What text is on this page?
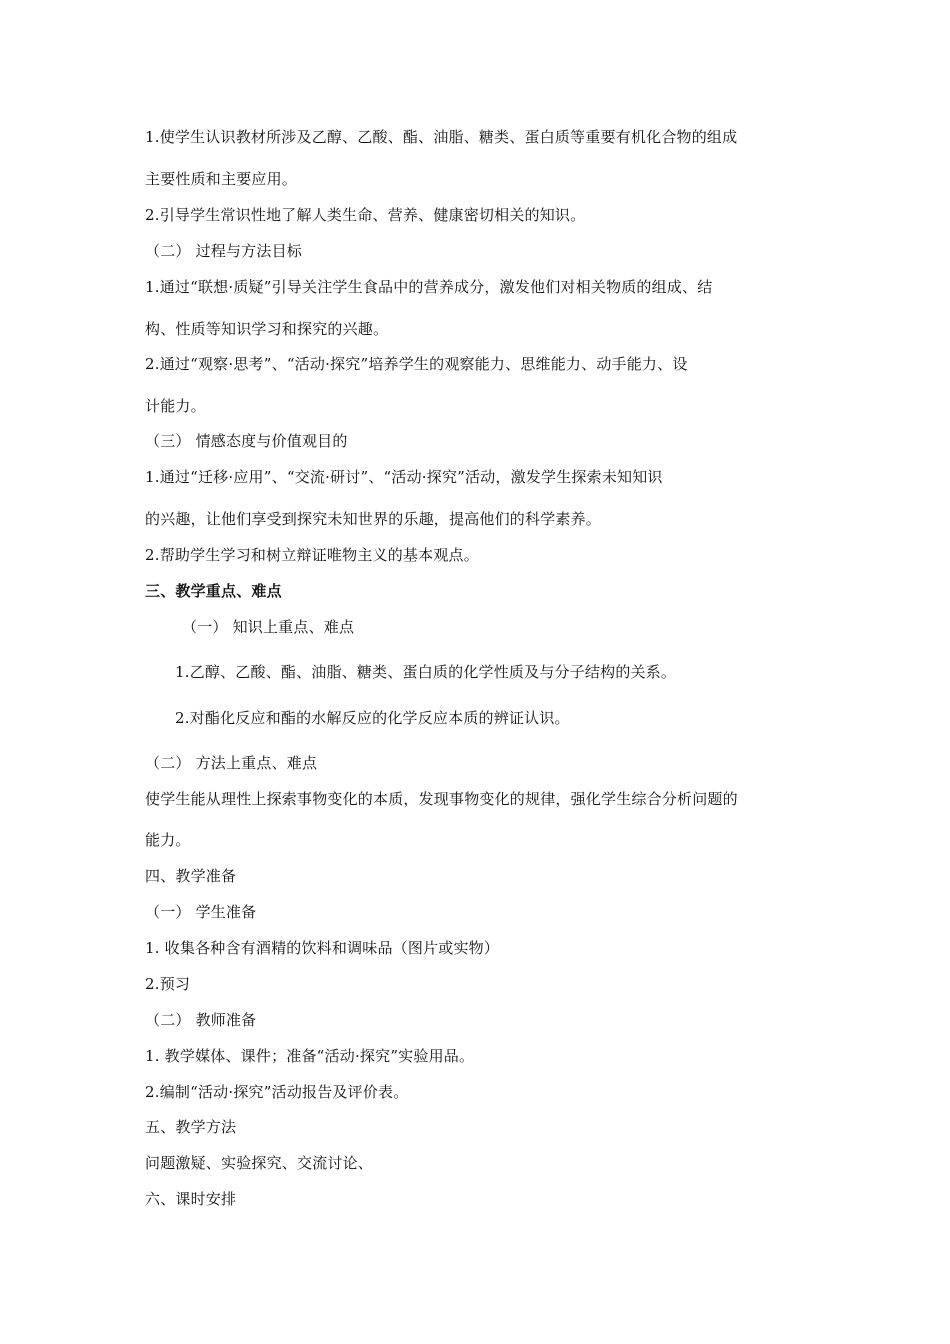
1.使学生认识教材所涉及乙醇、乙酸、酯、油脂、糖类、蛋白质等重要有机化合物的组成
主要性质和主要应用。
2.引导学生常识性地了解人类生命、营养、健康密切相关的知识。
（二） 过程与方法目标
1.通过“联想·质疑”引导关注学生食品中的营养成分，激发他们对相关物质的组成、结
构、性质等知识学习和探究的兴趣。
2.通过“观察·思考”、“活动·探究”培养学生的观察能力、思维能力、动手能力、设
计能力。
（三） 情感态度与价值观目的
1.通过“迁移·应用”、“交流·研讨”、“活动·探究”活动，激发学生探索未知知识
的兴趣，让他们享受到探究未知世界的乐趣，提高他们的科学素养。
2.帮助学生学习和树立辩证唯物主义的基本观点。
三、教学重点、难点
（一） 知识上重点、难点
1.乙醇、乙酸、酯、油脂、糖类、蛋白质的化学性质及与分子结构的关系。
2.对酯化反应和酯的水解反应的化学反应本质的辨证认识。
（二） 方法上重点、难点
使学生能从理性上探索事物变化的本质，发现事物变化的规律，强化学生综合分析问题的
能力。
四、教学准备
（一） 学生准备
1. 收集各种含有酒精的饮料和调味品（图片或实物）
2.预习
（二） 教师准备
1. 教学媒体、课件；准备“活动·探究”实验用品。
2.编制“活动·探究”活动报告及评价表。
五、教学方法
问题激疑、实验探究、交流讨论、
六、课时安排
